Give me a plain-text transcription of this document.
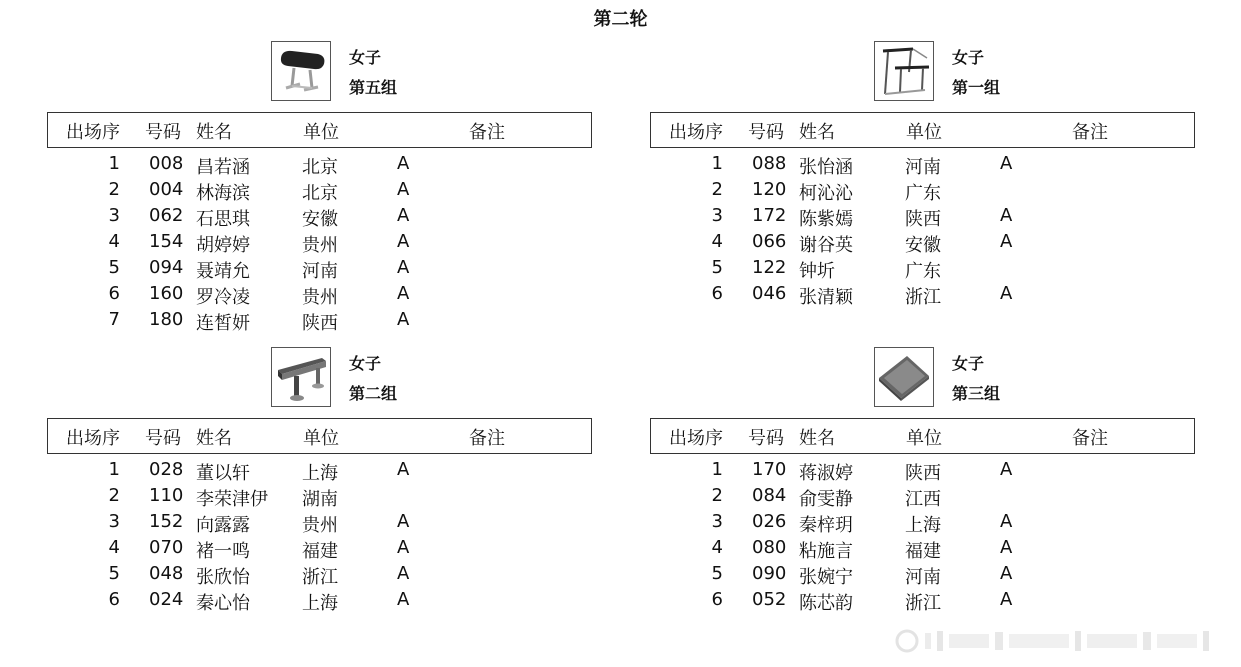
第二轮
女子
第五组
出场序 号码 姓名	单位	备注
1 008 昌若涵	北京	A
2 004 林海滨	北京	A
3 062 石思琪	安徽	A
4 154 胡婷婷	贵州	A
5 094 聂靖允	河南	A
6 160 罗冷凌	贵州	A
7 180 连皙妍	陕西	A
女子
第一组
出场序 号码 姓名	单位	备注
1 088 张怡涵	河南	A
2 120 柯沁沁	广东
3 172 陈紫嫣	陕西	A
4 066 谢谷英	安徽	A
5 122 钟圻	广东
6 046 张清颖	浙江	A
女子
第二组
出场序 号码 姓名	单位	备注
1 028 董以轩	上海	A
2 110 李荣津伊 湖南
3 152 向露露	贵州	A
4 070 褚一鸣	福建	A
5 048 张欣怡	浙江	A
6 024 秦心怡	上海	A
女子
第三组
出场序 号码 姓名	单位	备注
1 170 蒋淑婷	陕西	A
2 084 俞雯静	江西
3 026 秦梓玥	上海	A
4 080 粘施言	福建	A
5 090 张婉宁	河南	A
6 052 陈芯韵	浙江	A
